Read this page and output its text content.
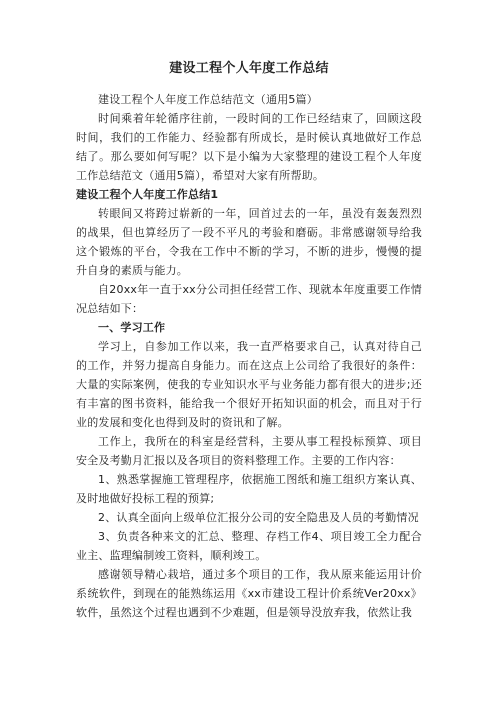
建设工程个人年度工作总结

建设工程个人年度工作总结范文（通用5篇）

时间乘着年轮循序往前，一段时间的工作已经结束了，回顾这段时间，我们的工作能力、经验都有所成长，是时候认真地做好工作总结了。那么要如何写呢？以下是小编为大家整理的建设工程个人年度工作总结范文（通用5篇），希望对大家有所帮助。

建设工程个人年度工作总结1

转眼间又将跨过崭新的一年，回首过去的一年，虽没有轰轰烈烈的战果，但也算经历了一段不平凡的考验和磨砺。非常感谢领导给我这个锻炼的平台，令我在工作中不断的学习，不断的进步，慢慢的提升自身的素质与能力。

自20xx年一直于xx分公司担任经营工作、现就本年度重要工作情况总结如下：

一、学习工作

学习上，自参加工作以来，我一直严格要求自己，认真对待自己的工作，并努力提高自身能力。而在这点上公司给了我很好的条件：大量的实际案例，使我的专业知识水平与业务能力都有很大的进步;还有丰富的图书资料，能给我一个很好开拓知识面的机会，而且对于行业的发展和变化也得到及时的资讯和了解。

工作上，我所在的科室是经营科，主要从事工程投标预算、项目安全及考勤月汇报以及各项目的资料整理工作。主要的工作内容：

1、熟悉掌握施工管理程序，依据施工图纸和施工组织方案认真、及时地做好投标工程的预算;

2、认真全面向上级单位汇报分公司的安全隐患及人员的考勤情况

3、负责各种来文的汇总、整理、存档工作4、项目竣工全力配合业主、监理编制竣工资料，顺利竣工。

感谢领导精心栽培，通过多个项目的工作，我从原来能运用计价系统软件，到现在的能熟练运用《xx市建设工程计价系统Ver20xx》软件，虽然这个过程也遇到不少难题，但是领导没放弃我，依然让我
